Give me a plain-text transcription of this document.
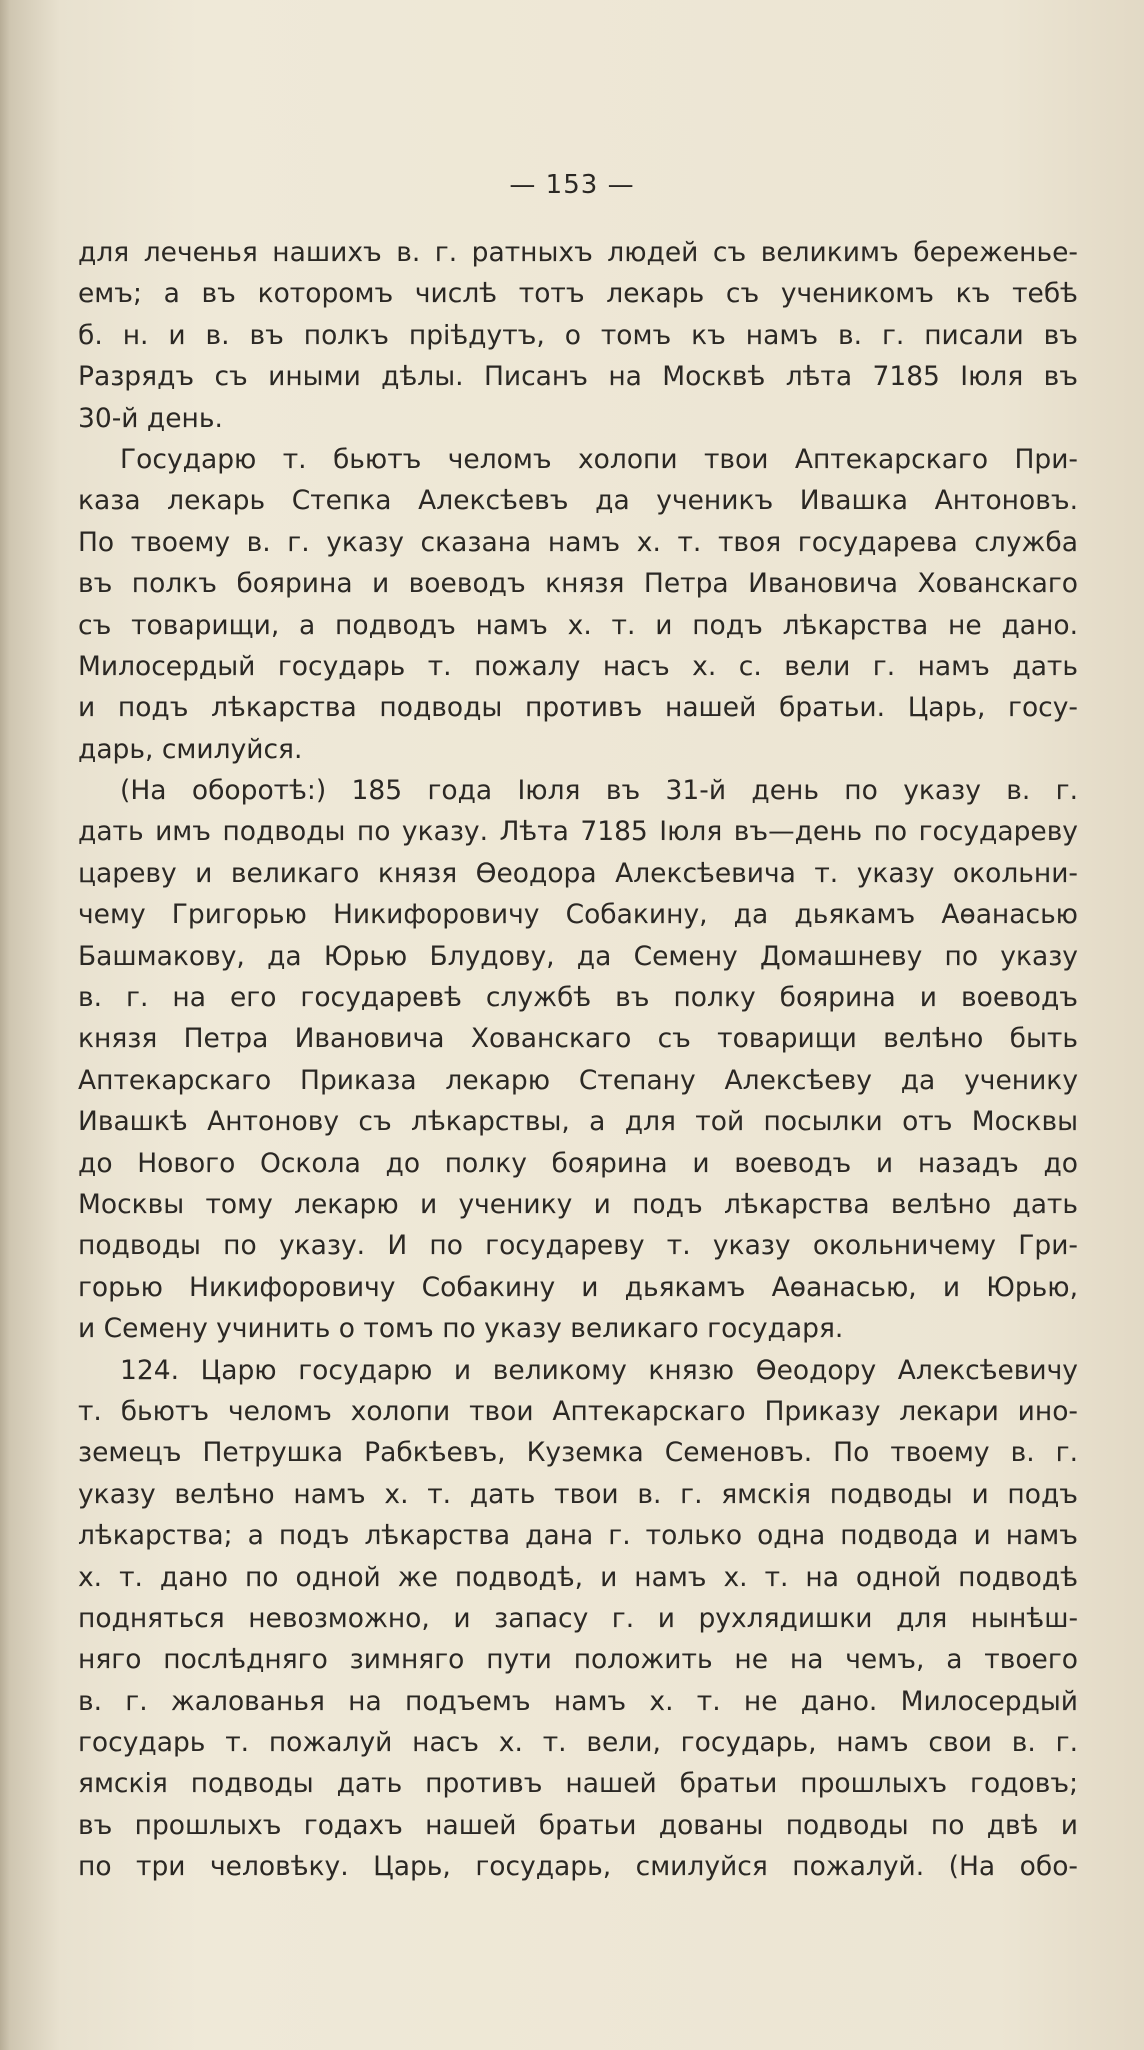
— 153 —
для леченья нашихъ в. г. ратныхъ людей съ великимъ береженье-
емъ; а въ которомъ числѣ тотъ лекарь съ ученикомъ къ тебѣ
б. н. и в. въ полкъ пріѣдутъ, о томъ къ намъ в. г. писали въ
Разрядъ съ иными дѣлы. Писанъ на Москвѣ лѣта 7185 Іюля въ
30-й день.
Государю т. бьютъ челомъ холопи твои Аптекарскаго При-
каза лекарь Степка Алексѣевъ да ученикъ Ивашка Антоновъ.
По твоему в. г. указу сказана намъ х. т. твоя государева служба
въ полкъ боярина и воеводъ князя Петра Ивановича Хованскаго
съ товарищи, а подводъ намъ х. т. и подъ лѣкарства не дано.
Милосердый государь т. пожалу насъ х. с. вели г. намъ дать
и подъ лѣкарства подводы противъ нашей братьи. Царь, госу-
дарь, смилуйся.
(На оборотѣ:) 185 года Іюля въ 31-й день по указу в. г.
дать имъ подводы по указу. Лѣта 7185 Іюля въ—день по государеву
цареву и великаго князя Ѳеодора Алексѣевича т. указу окольни-
чему Григорью Никифоровичу Собакину, да дьякамъ Аѳанасью
Башмакову, да Юрью Блудову, да Семену Домашневу по указу
в. г. на его государевѣ службѣ въ полку боярина и воеводъ
князя Петра Ивановича Хованскаго съ товарищи велѣно быть
Аптекарскаго Приказа лекарю Степану Алексѣеву да ученику
Ивашкѣ Антонову съ лѣкарствы, а для той посылки отъ Москвы
до Нового Оскола до полку боярина и воеводъ и назадъ до
Москвы тому лекарю и ученику и подъ лѣкарства велѣно дать
подводы по указу. И по государеву т. указу окольничему Гри-
горью Никифоровичу Собакину и дьякамъ Аѳанасью, и Юрью,
и Семену учинить о томъ по указу великаго государя.
124. Царю государю и великому князю Ѳеодору Алексѣевичу
т. бьютъ челомъ холопи твои Аптекарскаго Приказу лекари ино-
земецъ Петрушка Рабкѣевъ, Куземка Семеновъ. По твоему в. г.
указу велѣно намъ х. т. дать твои в. г. ямскія подводы и подъ
лѣкарства; а подъ лѣкарства дана г. только одна подвода и намъ
х. т. дано по одной же подводѣ, и намъ х. т. на одной подводѣ
подняться невозможно, и запасу г. и рухлядишки для нынѣш-
няго послѣдняго зимняго пути положить не на чемъ, а твоего
в. г. жалованья на подъемъ намъ х. т. не дано. Милосердый
государь т. пожалуй насъ х. т. вели, государь, намъ свои в. г.
ямскія подводы дать противъ нашей братьи прошлыхъ годовъ;
въ прошлыхъ годахъ нашей братьи дованы подводы по двѣ и
по три человѣку. Царь, государь, смилуйся пожалуй. (На обо-
